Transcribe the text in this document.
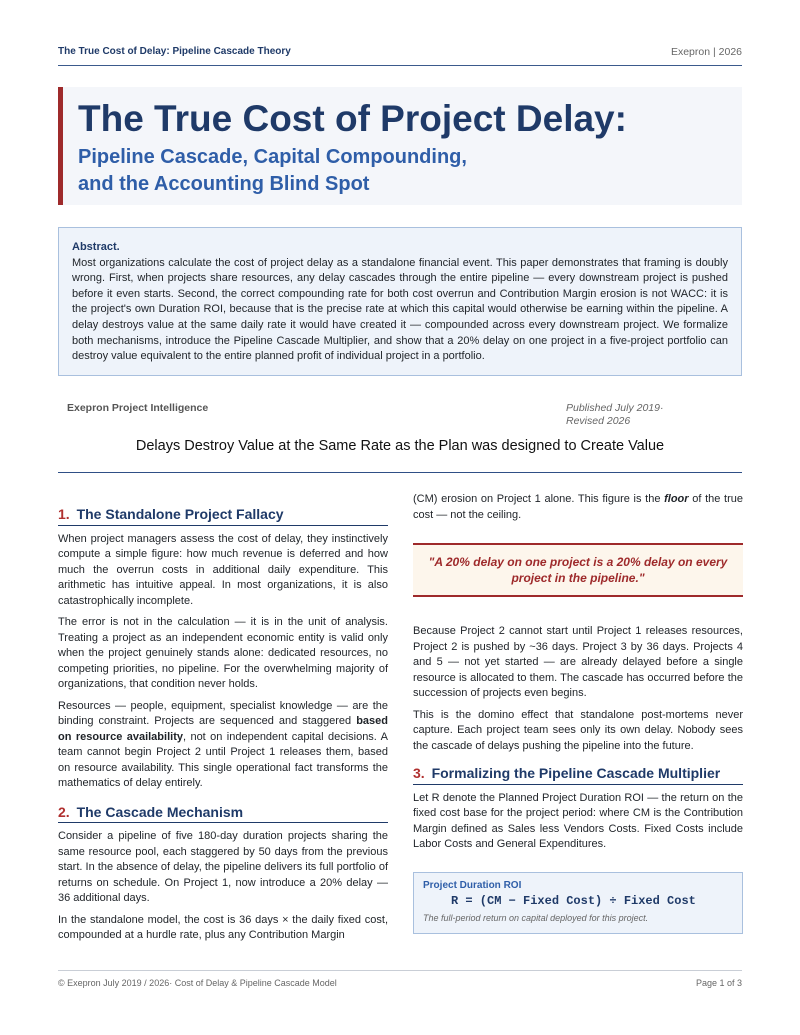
The True Cost of Delay: Pipeline Cascade Theory	Exepron | 2026
The True Cost of Project Delay:
Pipeline Cascade, Capital Compounding,
and the Accounting Blind Spot
Abstract.
Most organizations calculate the cost of project delay as a standalone financial event. This paper demonstrates that framing is doubly wrong. First, when projects share resources, any delay cascades through the entire pipeline — every downstream project is pushed before it even starts. Second, the correct compounding rate for both cost overrun and Contribution Margin erosion is not WACC: it is the project's own Duration ROI, because that is the precise rate at which this capital would otherwise be earning within the pipeline. A delay destroys value at the same daily rate it would have created it — compounded across every downstream project. We formalize both mechanisms, introduce the Pipeline Cascade Multiplier, and show that a 20% delay on one project in a five-project portfolio can destroy value equivalent to the entire planned profit of individual project in a portfolio.
Exepron Project Intelligence	Published July 2019·
Revised 2026
Delays Destroy Value at the Same Rate as the Plan was designed to Create Value
1. The Standalone Project Fallacy

When project managers assess the cost of delay, they instinctively compute a simple figure: how much revenue is deferred and how much the overrun costs in additional daily expenditure. This arithmetic has intuitive appeal. In most organizations, it is also catastrophically incomplete.

The error is not in the calculation — it is in the unit of analysis. Treating a project as an independent economic entity is valid only when the project genuinely stands alone: dedicated resources, no competing priorities, no pipeline. For the overwhelming majority of organizations, that condition never holds.

Resources — people, equipment, specialist knowledge — are the binding constraint. Projects are sequenced and staggered based on resource availability, not on independent capital decisions. A team cannot begin Project 2 until Project 1 releases them, based on resource availability. This single operational fact transforms the mathematics of delay entirely.

2. The Cascade Mechanism

Consider a pipeline of five 180-day duration projects sharing the same resource pool, each staggered by 50 days from the previous start. In the absence of delay, the pipeline delivers its full portfolio of returns on schedule. On Project 1, now introduce a 20% delay — 36 additional days.

In the standalone model, the cost is 36 days × the daily fixed cost, compounded at a hurdle rate, plus any Contribution Margin

(CM) erosion on Project 1 alone. This figure is the floor of the true cost — not the ceiling.

"A 20% delay on one project is a 20% delay on every project in the pipeline."

Because Project 2 cannot start until Project 1 releases resources, Project 2 is pushed by ~36 days. Project 3 by 36 days. Projects 4 and 5 — not yet started — are already delayed before a single resource is allocated to them. The cascade has occurred before the succession of projects even begins.

This is the domino effect that standalone post-mortems never capture. Each project team sees only its own delay. Nobody sees the cascade of delays pushing the pipeline into the future.

3. Formalizing the Pipeline Cascade Multiplier

Let R denote the Planned Project Duration ROI — the return on the fixed cost base for the project period: where CM is the Contribution Margin defined as Sales less Vendors Costs. Fixed Costs include Labor Costs and General Expenditures.

Project Duration ROI
R = (CM − Fixed Cost) ÷ Fixed Cost
The full-period return on capital deployed for this project.
© Exepron July 2019 / 2026· Cost of Delay & Pipeline Cascade Model	Page 1 of 3
